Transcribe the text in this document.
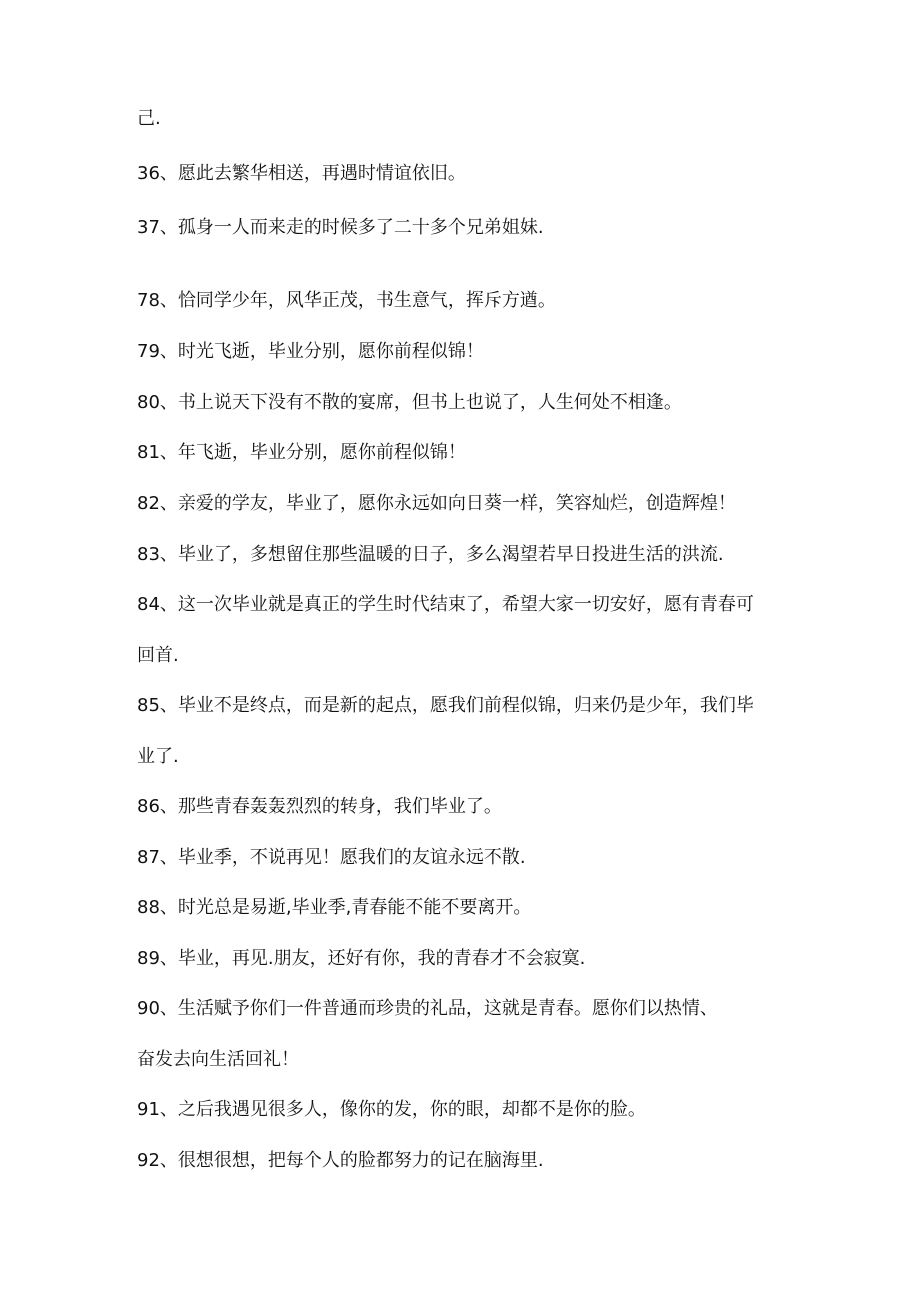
己.

36、愿此去繁华相送，再遇时情谊依旧。

37、孤身一人而来走的时候多了二十多个兄弟姐妹.

78、恰同学少年，风华正茂，书生意气，挥斥方遒。

79、时光飞逝，毕业分别，愿你前程似锦！

80、书上说天下没有不散的宴席，但书上也说了，人生何处不相逢。

81、年飞逝，毕业分别，愿你前程似锦！

82、亲爱的学友，毕业了，愿你永远如向日葵一样，笑容灿烂，创造辉煌！

83、毕业了，多想留住那些温暖的日子，多么渴望若早日投进生活的洪流.

84、这一次毕业就是真正的学生时代结束了，希望大家一切安好，愿有青春可

回首.

85、毕业不是终点，而是新的起点，愿我们前程似锦，归来仍是少年，我们毕

业了.

86、那些青春轰轰烈烈的转身，我们毕业了。

87、毕业季，不说再见！愿我们的友谊永远不散.

88、时光总是易逝,毕业季,青春能不能不要离开。

89、毕业，再见.朋友，还好有你，我的青春才不会寂寞.

90、生活赋予你们一件普通而珍贵的礼品，这就是青春。愿你们以热情、

奋发去向生活回礼！

91、之后我遇见很多人，像你的发，你的眼，却都不是你的脸。

92、很想很想，把每个人的脸都努力的记在脑海里.
